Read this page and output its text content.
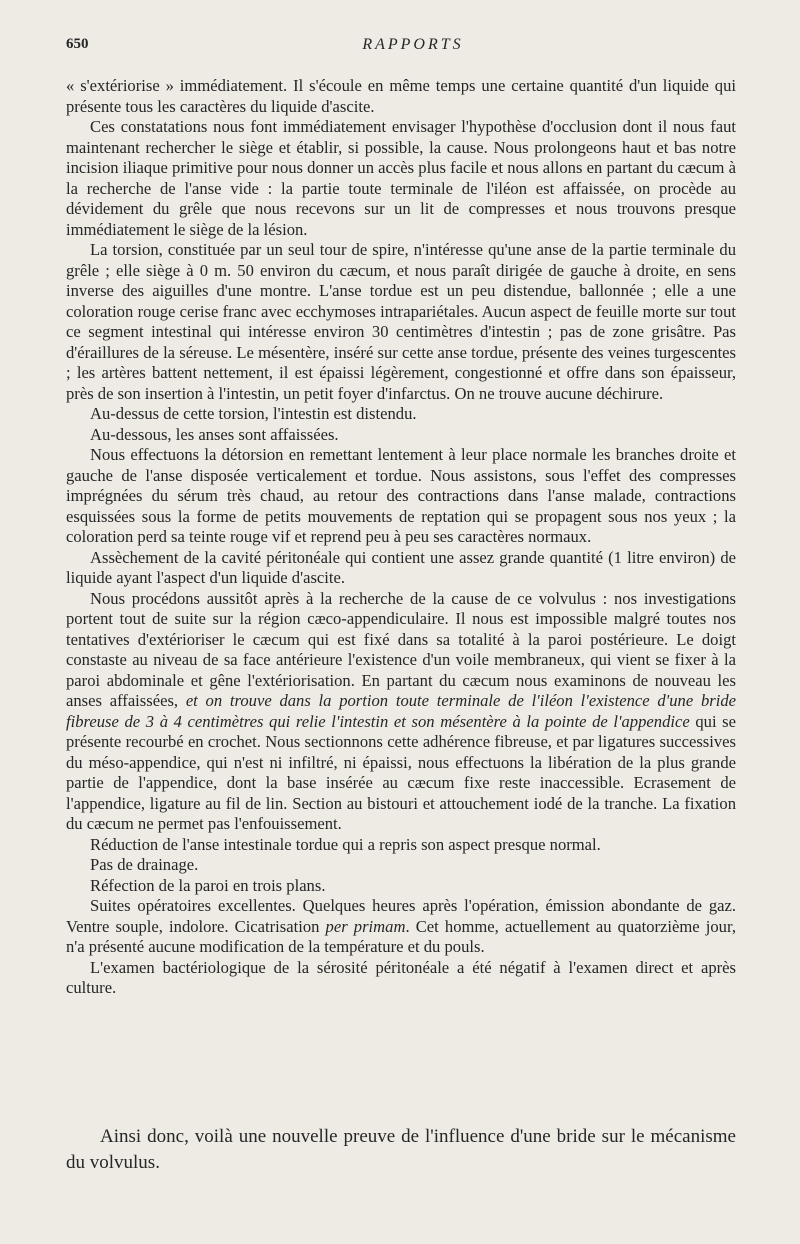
650	RAPPORTS

« s'extériorise » immédiatement. Il s'écoule en même temps une certaine quantité d'un liquide qui présente tous les caractères du liquide d'ascite.

Ces constatations nous font immédiatement envisager l'hypothèse d'occlusion dont il nous faut maintenant rechercher le siège et établir, si possible, la cause. Nous prolongeons haut et bas notre incision iliaque primitive pour nous donner un accès plus facile et nous allons en partant du cæcum à la recherche de l'anse vide : la partie toute terminale de l'iléon est affaissée, on procède au dévidement du grêle que nous recevons sur un lit de compresses et nous trouvons presque immédiatement le siège de la lésion.

La torsion, constituée par un seul tour de spire, n'intéresse qu'une anse de la partie terminale du grêle ; elle siège à 0 m. 50 environ du cæcum, et nous paraît dirigée de gauche à droite, en sens inverse des aiguilles d'une montre. L'anse tordue est un peu distendue, ballonnée ; elle a une coloration rouge cerise franc avec ecchymoses intrapariétales. Aucun aspect de feuille morte sur tout ce segment intestinal qui intéresse environ 30 centimètres d'intestin ; pas de zone grisâtre. Pas d'éraillures de la séreuse. Le mésentère, inséré sur cette anse tordue, présente des veines turgescentes ; les artères battent nettement, il est épaissi légèrement, congestionné et offre dans son épaisseur, près de son insertion à l'intestin, un petit foyer d'infarctus. On ne trouve aucune déchirure.

Au-dessus de cette torsion, l'intestin est distendu.

Au-dessous, les anses sont affaissées.

Nous effectuons la détorsion en remettant lentement à leur place normale les branches droite et gauche de l'anse disposée verticalement et tordue. Nous assistons, sous l'effet des compresses imprégnées du sérum très chaud, au retour des contractions dans l'anse malade, contractions esquissées sous la forme de petits mouvements de reptation qui se propagent sous nos yeux ; la coloration perd sa teinte rouge vif et reprend peu à peu ses caractères normaux.

Assèchement de la cavité péritonéale qui contient une assez grande quantité (1 litre environ) de liquide ayant l'aspect d'un liquide d'ascite.

Nous procédons aussitôt après à la recherche de la cause de ce volvulus : nos investigations portent tout de suite sur la région cæco-appendiculaire. Il nous est impossible malgré toutes nos tentatives d'extérioriser le cæcum qui est fixé dans sa totalité à la paroi postérieure. Le doigt constaste au niveau de sa face antérieure l'existence d'un voile membraneux, qui vient se fixer à la paroi abdominale et gêne l'extériorisation. En partant du cæcum nous examinons de nouveau les anses affaissées, et on trouve dans la portion toute terminale de l'iléon l'existence d'une bride fibreuse de 3 à 4 centimètres qui relie l'intestin et son mésentère à la pointe de l'appendice qui se présente recourbé en crochet. Nous sectionnons cette adhérence fibreuse, et par ligatures successives du méso-appendice, qui n'est ni infiltré, ni épaissi, nous effectuons la libération de la plus grande partie de l'appendice, dont la base insérée au cæcum fixe reste inaccessible. Ecrasement de l'appendice, ligature au fil de lin. Section au bistouri et attouchement iodé de la tranche. La fixation du cæcum ne permet pas l'enfouissement.

Réduction de l'anse intestinale tordue qui a repris son aspect presque normal.

Pas de drainage.

Réfection de la paroi en trois plans.

Suites opératoires excellentes. Quelques heures après l'opération, émission abondante de gaz. Ventre souple, indolore. Cicatrisation per primam. Cet homme, actuellement au quatorzième jour, n'a présenté aucune modification de la température et du pouls.

L'examen bactériologique de la sérosité péritonéale a été négatif à l'examen direct et après culture.

Ainsi donc, voilà une nouvelle preuve de l'influence d'une bride sur le mécanisme du volvulus.
